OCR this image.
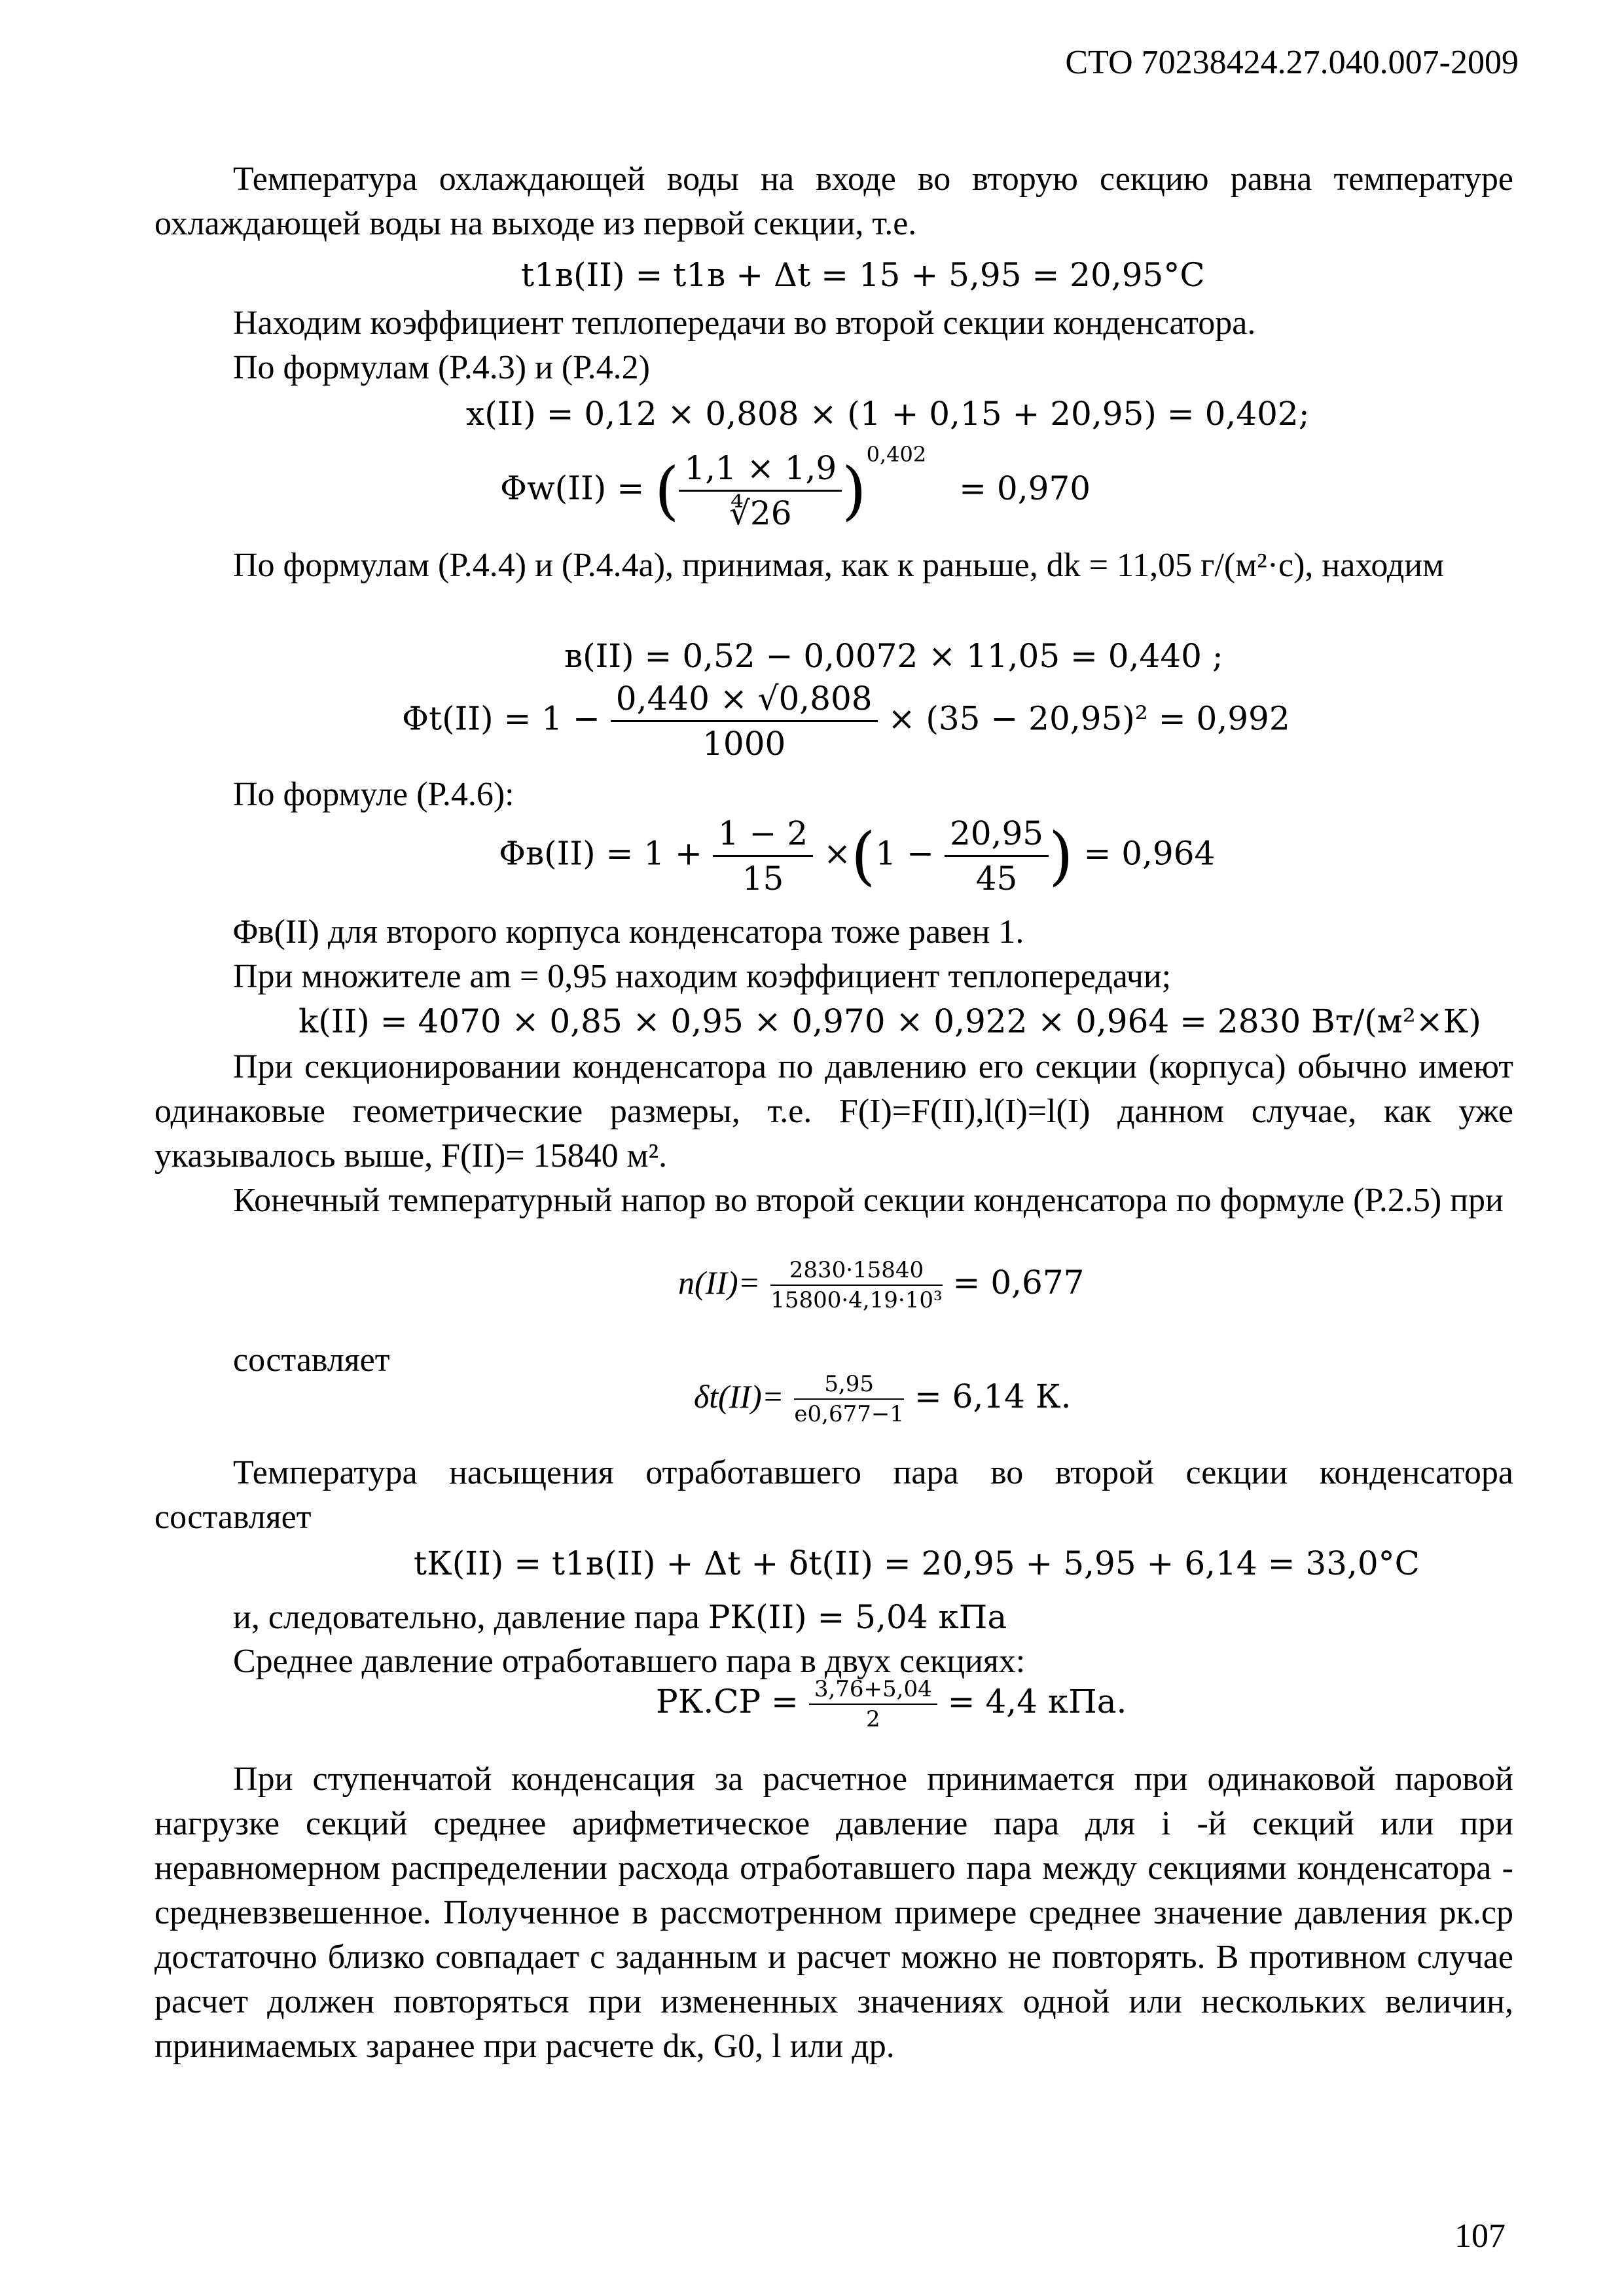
СТО 70238424.27.040.007-2009
Температура охлаждающей воды на входе во вторую секцию равна температуре охлаждающей воды на выходе из первой секции, т.е.
t1в(II) = t1в + Δt = 15 + 5,95 = 20,95°C
Находим коэффициент теплопередачи во второй секции конденсатора.
По формулам (Р.4.3) и (Р.4.2)
x(II) = 0,12 × 0,808 × (1 + 0,15 + 20,95) = 0,402;
Φw(II) = ( $\frac{1,1 \times 1,9}{∜26} )^{0,402} = 0,970$
По формулам (Р.4.4) и (Р.4.4а), принимая, как к раньше, dk = 11,05 г/(м²·с), находим
в(II) = 0,52 − 0,0072 × 11,05 = 0,440 ;
$\Phi t(II) = 1 - \frac{0,440 \times √0,808}{1000} \times (35 - 20,95)^2 = 0,992$
По формуле (Р.4.6):
$\Phi в(II) = 1 + \frac{1 - 2}{15} \times(1 - \frac{20,95}{45}$ ) = 0,964
Φв(II) для второго корпуса конденсатора тоже равен 1.
При множителе am = 0,95 находим коэффициент теплопередачи;
k(II) = 4070 × 0,85 × 0,95 × 0,970 × 0,922 × 0,964 = 2830 Вт/(м²×К)
При секционировании конденсатора по давлению его секции (корпуса) обычно имеют одинаковые геометрические размеры, т.е. F(I)=F(II),l(I)=l(I) данном случае, как уже указывалось выше, F(II)= 15840 м².
Конечный температурный напор во второй секции конденсатора по формуле (Р.2.5) при
$n(II)= \frac{2830\cdot 15840}{\text{15800·4,19·10³}} = 0,677$
составляет
$\delta t(II)= \frac{5,95}{e0,677-1} = 6,14$ К.
Температура насыщения отработавшего пара во второй секции конденсатора составляет
tК(II) = t1в(II) + Δt + δt(II) = 20,95 + 5,95 + 6,14 = 33,0°C
и, следовательно, давление пара PК(II) = 5,04 кПа
Среднее давление отработавшего пара в двух секциях:
$PК.СР = \frac{3,76+5,04}{2} = 4,4$ кПа.
При ступенчатой конденсация за расчетное принимается при одинаковой паровой нагрузке секций среднее арифметическое давление пара для i -й секций или при неравномерном распределении расхода отработавшего пара между секциями конденсатора - средневзвешенное. Полученное в рассмотренном примере среднее значение давления pк.ср достаточно близко совпадает с заданным и расчет можно не повторять. В противном случае расчет должен повторяться при измененных значениях одной или нескольких величин, принимаемых заранее при расчете dк, G0, l или др.
107
